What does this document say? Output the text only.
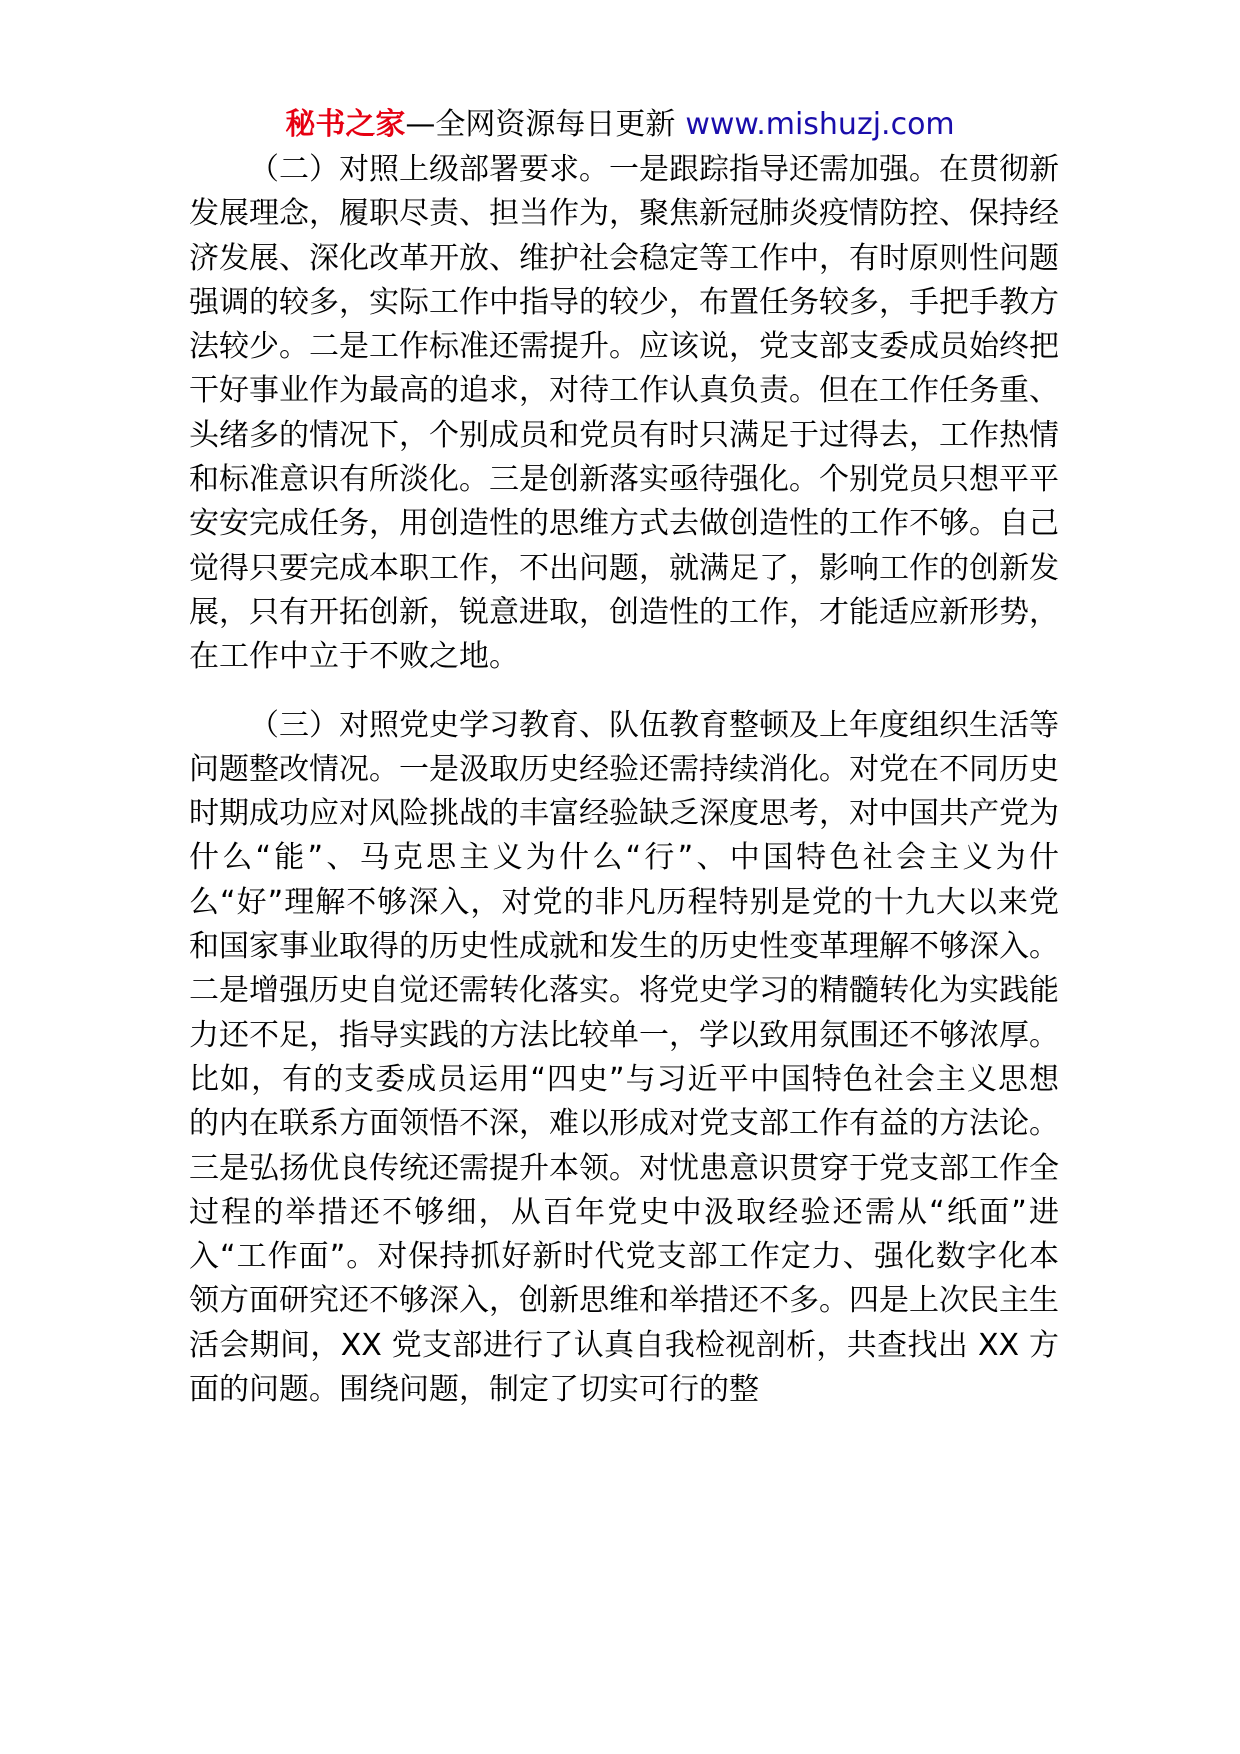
秘书之家—全网资源每日更新 www.mishuzj.com

（二）对照上级部署要求。一是跟踪指导还需加强。在贯彻新发展理念，履职尽责、担当作为，聚焦新冠肺炎疫情防控、保持经济发展、深化改革开放、维护社会稳定等工作中，有时原则性问题强调的较多，实际工作中指导的较少，布置任务较多，手把手教方法较少。二是工作标准还需提升。应该说，党支部支委成员始终把干好事业作为最高的追求，对待工作认真负责。但在工作任务重、头绪多的情况下，个别成员和党员有时只满足于过得去，工作热情和标准意识有所淡化。三是创新落实亟待强化。个别党员只想平平安安完成任务，用创造性的思维方式去做创造性的工作不够。自己觉得只要完成本职工作，不出问题，就满足了，影响工作的创新发展，只有开拓创新，锐意进取，创造性的工作，才能适应新形势，在工作中立于不败之地。

（三）对照党史学习教育、队伍教育整顿及上年度组织生活等问题整改情况。一是汲取历史经验还需持续消化。对党在不同历史时期成功应对风险挑战的丰富经验缺乏深度思考，对中国共产党为什么“能”、马克思主义为什么“行”、中国特色社会主义为什么“好”理解不够深入，对党的非凡历程特别是党的十九大以来党和国家事业取得的历史性成就和发生的历史性变革理解不够深入。二是增强历史自觉还需转化落实。将党史学习的精髓转化为实践能力还不足，指导实践的方法比较单一，学以致用氛围还不够浓厚。比如，有的支委成员运用“四史”与习近平中国特色社会主义思想的内在联系方面领悟不深，难以形成对党支部工作有益的方法论。三是弘扬优良传统还需提升本领。对忧患意识贯穿于党支部工作全过程的举措还不够细，从百年党史中汲取经验还需从“纸面”进入“工作面”。对保持抓好新时代党支部工作定力、强化数字化本领方面研究还不够深入，创新思维和举措还不多。四是上次民主生活会期间，XX 党支部进行了认真自我检视剖析，共查找出 XX 方面的问题。围绕问题，制定了切实可行的整
